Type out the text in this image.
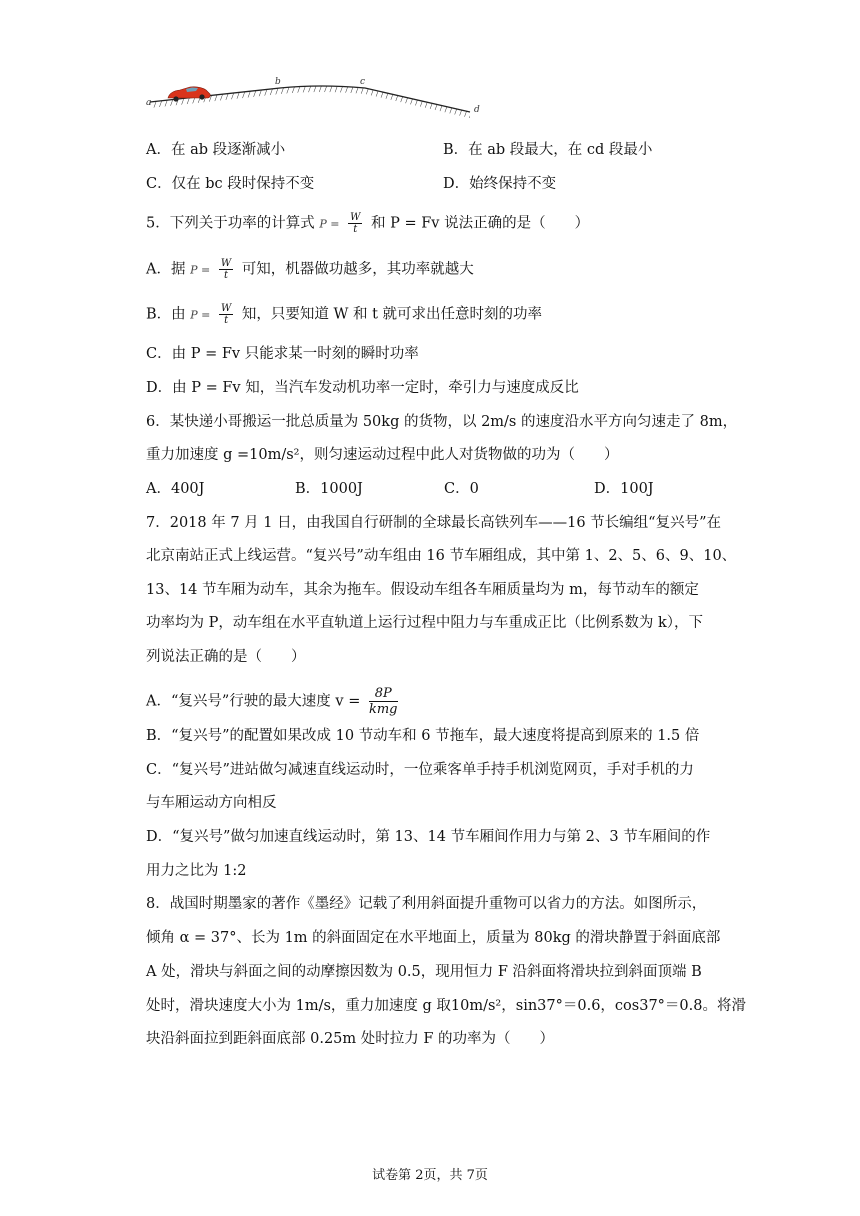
a
b	c
d
A．在 ab 段逐渐减小	B．在 ab 段最大，在 cd 段最小
C．仅在 bc 段时保持不变	D．始终保持不变
5．下列关于功率的计算式 $P = \frac{W}{t}$ 和 P = Fv 说法正确的是（　　）
A．据 $P = \frac{W}{t}$ 可知，机器做功越多，其功率就越大
B．由 $P = \frac{W}{t}$ 知，只要知道 W 和 t 就可求出任意时刻的功率
C．由 P = Fv 只能求某一时刻的瞬时功率
D．由 P = Fv 知，当汽车发动机功率一定时，牵引力与速度成反比
6．某快递小哥搬运一批总质量为 50kg 的货物，以 2m/s 的速度沿水平方向匀速走了 8m，
重力加速度 g =10m/s²，则匀速运动过程中此人对货物做的功为（　　）
A．400J	B．1000J	C．0	D．100J
7．2018 年 7 月 1 日，由我国自行研制的全球最长高铁列车——16 节长编组“复兴号”在
北京南站正式上线运营。“复兴号”动车组由 16 节车厢组成，其中第 1、2、5、6、9、10、
13、14 节车厢为动车，其余为拖车。假设动车组各车厢质量均为 m，每节动车的额定
功率均为 P，动车组在水平直轨道上运行过程中阻力与车重成正比（比例系数为 k），下
列说法正确的是（　　）
A．“复兴号”行驶的最大速度 $v = \frac{8P}{\text{kmg}}$
B．“复兴号”的配置如果改成 10 节动车和 6 节拖车，最大速度将提高到原来的 1.5 倍
C．“复兴号”进站做匀减速直线运动时，一位乘客单手持手机浏览网页，手对手机的力
与车厢运动方向相反
D．“复兴号”做匀加速直线运动时，第 13、14 节车厢间作用力与第 2、3 节车厢间的作
用力之比为 1:2
8．战国时期墨家的著作《墨经》记载了利用斜面提升重物可以省力的方法。如图所示，
倾角 α = 37°、长为 1m 的斜面固定在水平地面上，质量为 80kg 的滑块静置于斜面底部
A 处，滑块与斜面之间的动摩擦因数为 0.5，现用恒力 F 沿斜面将滑块拉到斜面顶端 B
处时，滑块速度大小为 1m/s，重力加速度 g 取10m/s²，sin37°＝0.6，cos37°＝0.8。将滑
块沿斜面拉到距斜面底部 0.25m 处时拉力 F 的功率为（　　）
试卷第 2页，共 7页
